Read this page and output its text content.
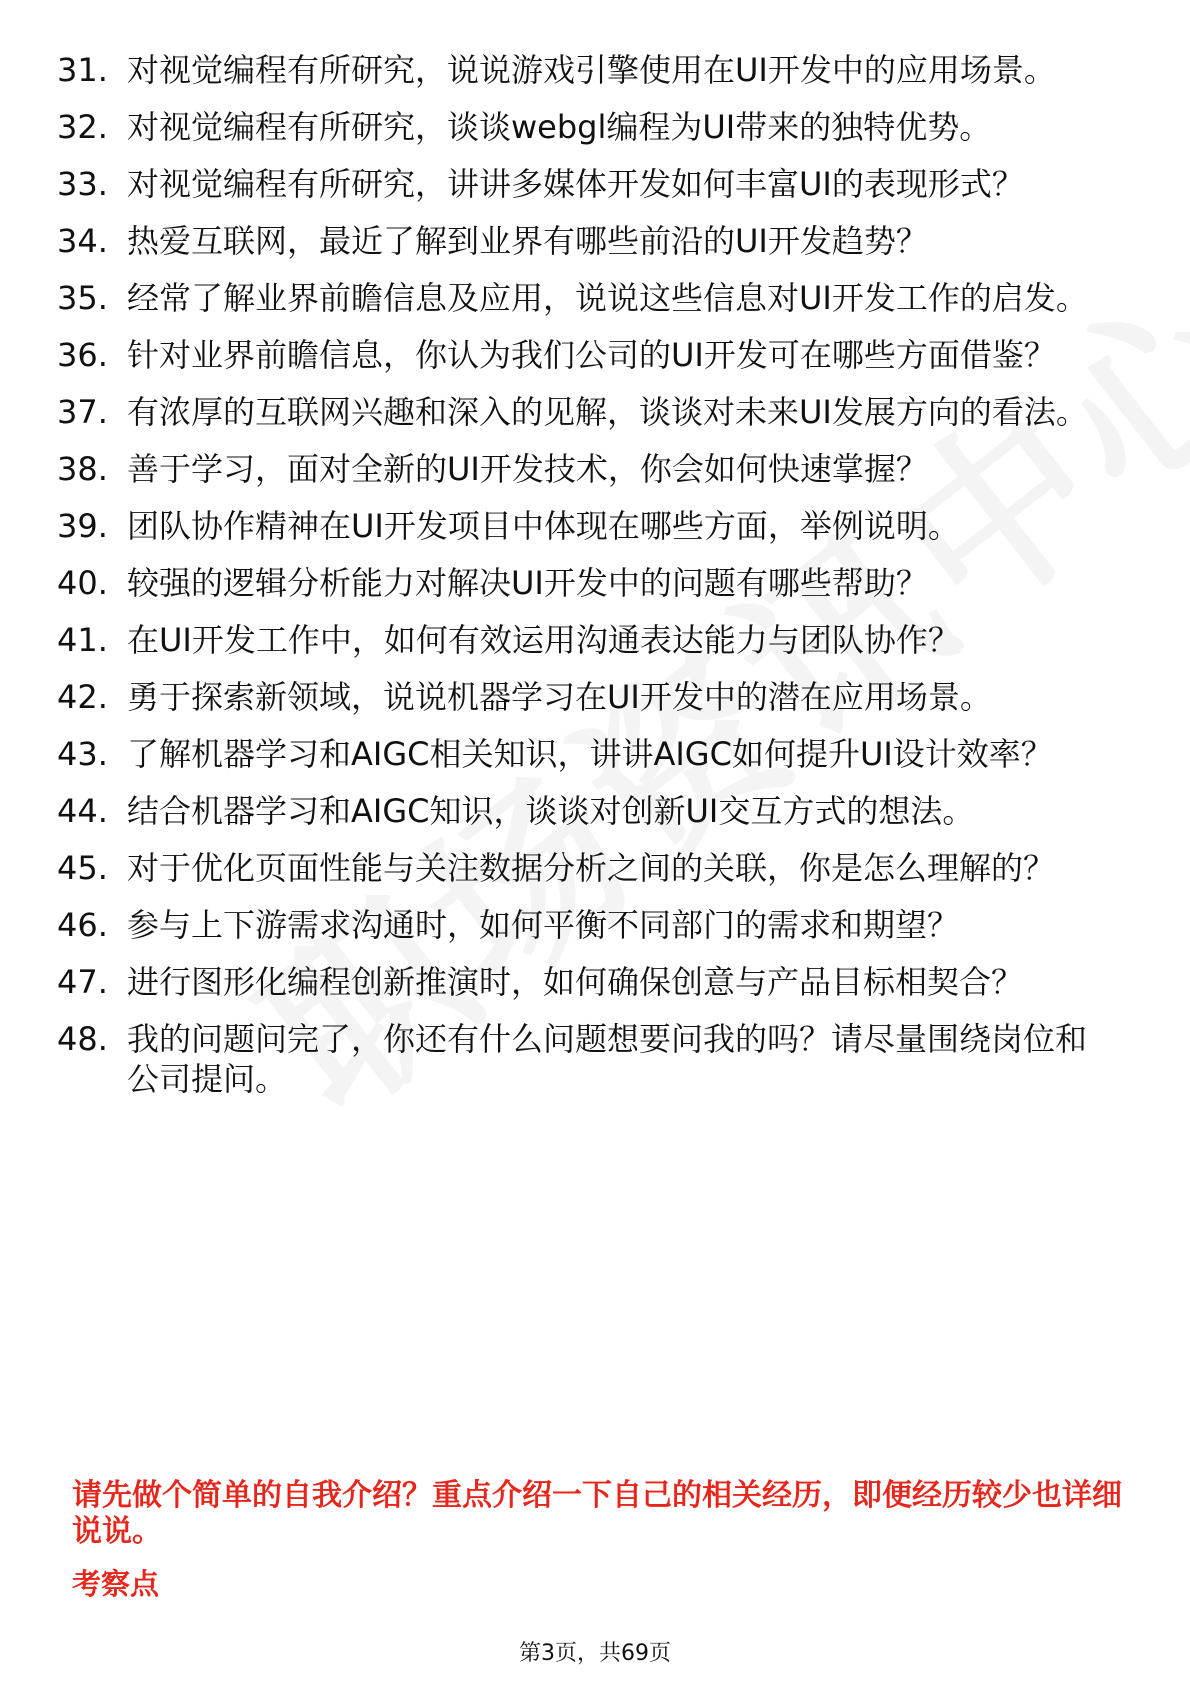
31. 对视觉编程有所研究，说说游戏引擎使用在UI开发中的应用场景。
32. 对视觉编程有所研究，谈谈webgl编程为UI带来的独特优势。
33. 对视觉编程有所研究，讲讲多媒体开发如何丰富UI的表现形式？
34. 热爱互联网，最近了解到业界有哪些前沿的UI开发趋势？
35. 经常了解业界前瞻信息及应用，说说这些信息对UI开发工作的启发。
36. 针对业界前瞻信息，你认为我们公司的UI开发可在哪些方面借鉴？
37. 有浓厚的互联网兴趣和深入的见解，谈谈对未来UI发展方向的看法。
38. 善于学习，面对全新的UI开发技术，你会如何快速掌握？
39. 团队协作精神在UI开发项目中体现在哪些方面，举例说明。
40. 较强的逻辑分析能力对解决UI开发中的问题有哪些帮助？
41. 在UI开发工作中，如何有效运用沟通表达能力与团队协作？
42. 勇于探索新领域，说说机器学习在UI开发中的潜在应用场景。
43. 了解机器学习和AIGC相关知识，讲讲AIGC如何提升UI设计效率？
44. 结合机器学习和AIGC知识，谈谈对创新UI交互方式的想法。
45. 对于优化页面性能与关注数据分析之间的关联，你是怎么理解的？
46. 参与上下游需求沟通时，如何平衡不同部门的需求和期望？
47. 进行图形化编程创新推演时，如何确保创意与产品目标相契合？
48. 我的问题问完了，你还有什么问题想要问我的吗？请尽量围绕岗位和公司提问。

请先做个简单的自我介绍？重点介绍一下自己的相关经历，即便经历较少也详细说说。

考察点

第3页，共69页
